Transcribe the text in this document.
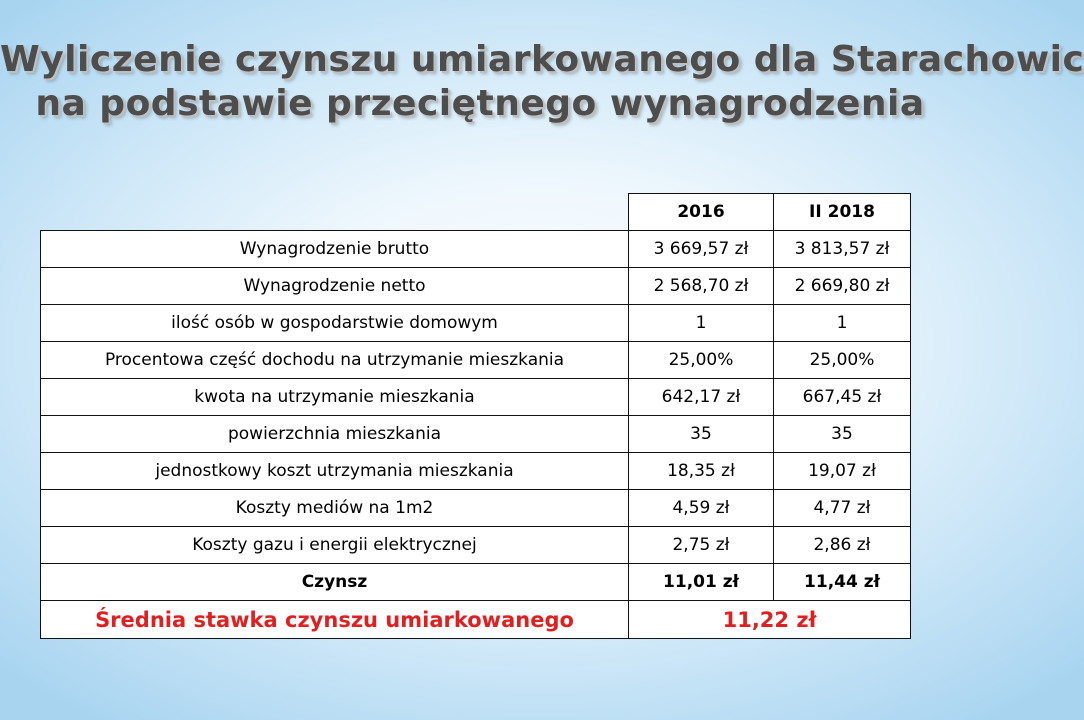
Wyliczenie czynszu umiarkowanego dla Starachowic
na podstawie przeciętnego wynagrodzenia
	2016	II 2018
Wynagrodzenie brutto	3 669,57 zł	3 813,57 zł
Wynagrodzenie netto	2 568,70 zł	2 669,80 zł
ilość osób w gospodarstwie domowym	1	1
Procentowa część dochodu na utrzymanie mieszkania	25,00%	25,00%
kwota na utrzymanie mieszkania	642,17 zł	667,45 zł
powierzchnia mieszkania	35	35
jednostkowy koszt utrzymania mieszkania	18,35 zł	19,07 zł
Koszty mediów na 1m2	4,59 zł	4,77 zł
Koszty gazu i energii elektrycznej	2,75 zł	2,86 zł
Czynsz	11,01 zł	11,44 zł
Średnia stawka czynszu umiarkowanego	11,22 zł	
